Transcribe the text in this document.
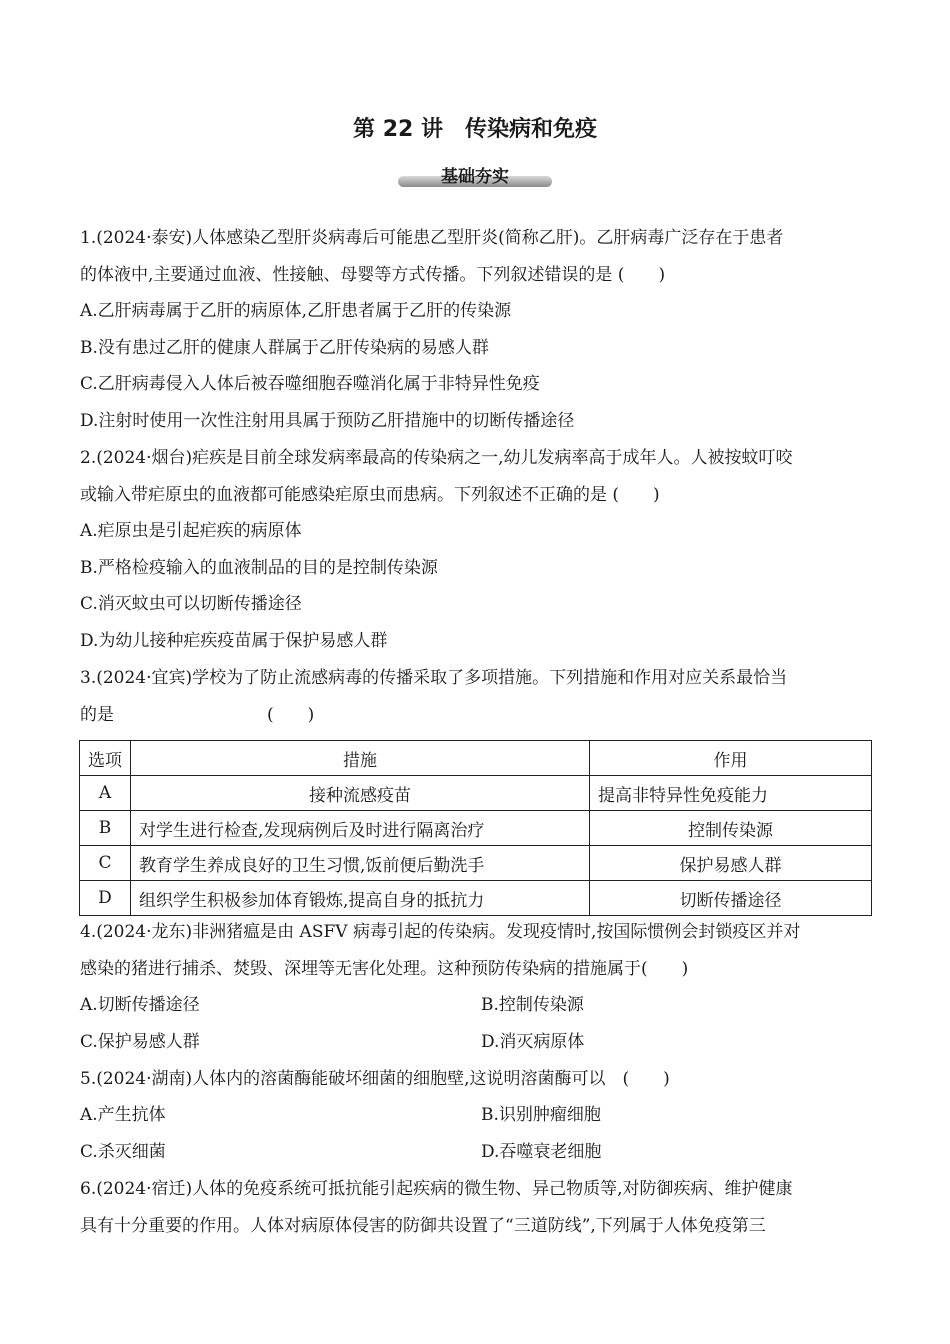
第 22 讲　传染病和免疫
基础夯实
1.(2024·泰安)人体感染乙型肝炎病毒后可能患乙型肝炎(简称乙肝)。乙肝病毒广泛存在于患者
的体液中,主要通过血液、性接触、母婴等方式传播。下列叙述错误的是 (　　)
A.乙肝病毒属于乙肝的病原体,乙肝患者属于乙肝的传染源
B.没有患过乙肝的健康人群属于乙肝传染病的易感人群
C.乙肝病毒侵入人体后被吞噬细胞吞噬消化属于非特异性免疫
D.注射时使用一次性注射用具属于预防乙肝措施中的切断传播途径
2.(2024·烟台)疟疾是目前全球发病率最高的传染病之一,幼儿发病率高于成年人。人被按蚊叮咬
或输入带疟原虫的血液都可能感染疟原虫而患病。下列叙述不正确的是 (　　)
A.疟原虫是引起疟疾的病原体
B.严格检疫输入的血液制品的目的是控制传染源
C.消灭蚊虫可以切断传播途径
D.为幼儿接种疟疾疫苗属于保护易感人群
3.(2024·宜宾)学校为了防止流感病毒的传播采取了多项措施。下列措施和作用对应关系最恰当
的是　　　　　　　　　(　　)
选项	措施	作用
A	接种流感疫苗	提高非特异性免疫能力
B	对学生进行检查,发现病例后及时进行隔离治疗	控制传染源
C	教育学生养成良好的卫生习惯,饭前便后勤洗手	保护易感人群
D	组织学生积极参加体育锻炼,提高自身的抵抗力	切断传播途径
4.(2024·龙东)非洲猪瘟是由 ASFV 病毒引起的传染病。发现疫情时,按国际惯例会封锁疫区并对
感染的猪进行捕杀、焚毁、深埋等无害化处理。这种预防传染病的措施属于(　　)
A.切断传播途径	B.控制传染源
C.保护易感人群	D.消灭病原体
5.(2024·湖南)人体内的溶菌酶能破坏细菌的细胞壁,这说明溶菌酶可以　(　　)
A.产生抗体	B.识别肿瘤细胞
C.杀灭细菌	D.吞噬衰老细胞
6.(2024·宿迁)人体的免疫系统可抵抗能引起疾病的微生物、异己物质等,对防御疾病、维护健康
具有十分重要的作用。人体对病原体侵害的防御共设置了“三道防线”,下列属于人体免疫第三
